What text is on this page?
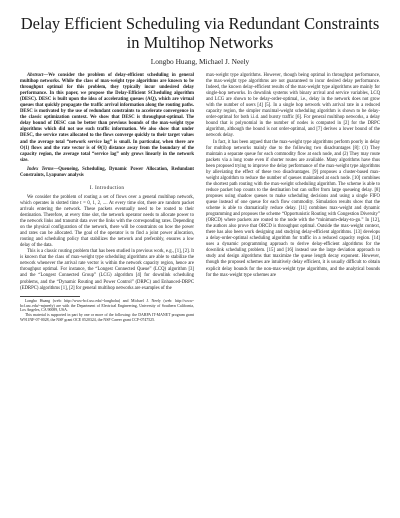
Delay Efficient Scheduling via Redundant Constraints in Multihop Networks
Longbo Huang, Michael J. Neely

Abstract—We consider the problem of delay-efficient scheduling in general multihop networks. While the class of max-weight type algorithms are known to be throughput optimal for this problem, they typically incur undesired delay performance. In this paper, we propose the Delay-Efficient SCheduling algorithm (DESC). DESC is built upon the idea of accelerating queues (AQ), which are virtual queues that quickly propagate the traffic arrival information along the routing paths. DESC is motivated by the use of redundant constraints to accelerate convergence in the classic optimization context. We show that DESC is throughput-optimal. The delay bound of DESC can be better than previous bounds of the max-weight type algorithms which did not use such traffic information. We also show that under DESC, the service rates allocated to the flows converge quickly to their target values and the average total “network service lag” is small. In particular, when there are O(1) flows and the rate vector is of Θ(1) distance away from the boundary of the capacity region, the average total “service lag” only grows linearly in the network size.

Index Terms—Queueing, Scheduling, Dynamic Power Allocation, Redundant Constraints, Lyapunov analysis

I. Introduction

We consider the problem of routing a set of flows over a general multihop network, which operates in slotted time t = 0, 1, 2, .... At every time slot, there are random packet arrivals entering the network. These packets eventually need to be routed to their destination. Therefore, at every time slot, the network operator needs to allocate power to the network links and transmit data over the links with the corresponding rates. Depending on the physical configuration of the network, there will be constraints on how the power and rates can be allocated. The goal of the operator is to find a joint power allocation, routing and scheduling policy that stabilizes the network and preferably, ensures a low delay of the data.

This is a classic routing problem that has been studied in previous work, e.g., [1], [2]. It is known that the class of max-weight type scheduling algorithms are able to stabilize the network whenever the arrival rate vector is within the network capacity region, hence are throughput optimal. For instance, the “Longest Connected Queue” (LCQ) algorithm [3] and the “Longest Connected Group” (LCG) algorithm [4] for downlink scheduling problems, and the “Dynamic Routing and Power Control” (DRPC) and Enhanced-DRPC (EDRPC) algorithms [1], [2] for general multihop networks are examples of the

Longbo Huang (web: http://www-bcf.usc.edu/~longbohu) and Michael J. Neely (web: http://www-bcf.usc.edu/~mjneely) are with the Department of Electrical Engineering, University of Southern California, Los Angeles, CA 90089, USA.

This material is supported in part by one or more of the following: the DARPA IT-MANET program grant W911NF-07-0028, the NSF grant OCE 0520324, the NSF Career grant CCF-0747525.

max-weight type algorithms. However, though being optimal in throughput performance, the max-weight type algorithms are not guaranteed to incur desired delay performance. Indeed, the known delay-efficient results of the max-weight type algorithms are mainly for single-hop networks. In downlink systems with binary arrival and service variables, LCQ and LCG are shown to be delay-order-optimal, i.e., delay in the network does not grow with the number of users [4] [5]. In a single hop network with arrival rate in a reduced capacity region, the simpler maximal-weight scheduling algorithm is shown to be delay-order-optimal for both i.i.d. and bursty traffic [6]. For general multihop networks, a delay bound that is polynomial in the number of nodes is computed in [2] for the DRPC algorithm, although the bound is not order-optimal, and [7] derives a lower bound of the network delay.

In fact, it has been argued that the max-weight type algorithms perform poorly in delay for multihop networks mainly due to the following two disadvantages [8]: (1) They maintain a separate queue for each commodity flow at each node, and (2) They may route packets via a long route even if shorter routes are available. Many algorithms have thus been proposed trying to improve the delay performance of the max-weight type algorithms by alleviating the effect of these two disadvantages. [9] proposes a cluster-based max-weight algorithm to reduce the number of queues maintained at each node. [10] combines the shortest path routing with the max-weight scheduling algorithm. The scheme is able to reduce packet hop counts to the destination but can suffer from large queueing delay. [8] proposes using shadow queues to make scheduling decisions and using a single FIFO queue instead of one queue for each flow commodity. Simulation results show that the scheme is able to dramatically reduce delay. [11] combines max-weight and dynamic programming and proposes the scheme “Opportunistic Routing with Congestion Diversity” (ORCD) where packets are routed to the node with the “minimum-delay-to-go.” In [12], the authors also prove that ORCD is throughput optimal. Outside the max-weight context, there has also been work designing and studying delay-efficient algorithms. [13] develops a delay-order-optimal scheduling algorithm for traffic in a reduced capacity region. [14] uses a dynamic programming approach to derive delay-efficient algorithms for the downlink scheduling problem. [15] and [16] instead use the large deviation approach to study and design algorithms that maximize the queue length decay exponent. However, though the proposed schemes are intuitively delay efficient, it is usually difficult to obtain explicit delay bounds for the non-max-weight type algorithms, and the analytical bounds for the max-weight type schemes are
